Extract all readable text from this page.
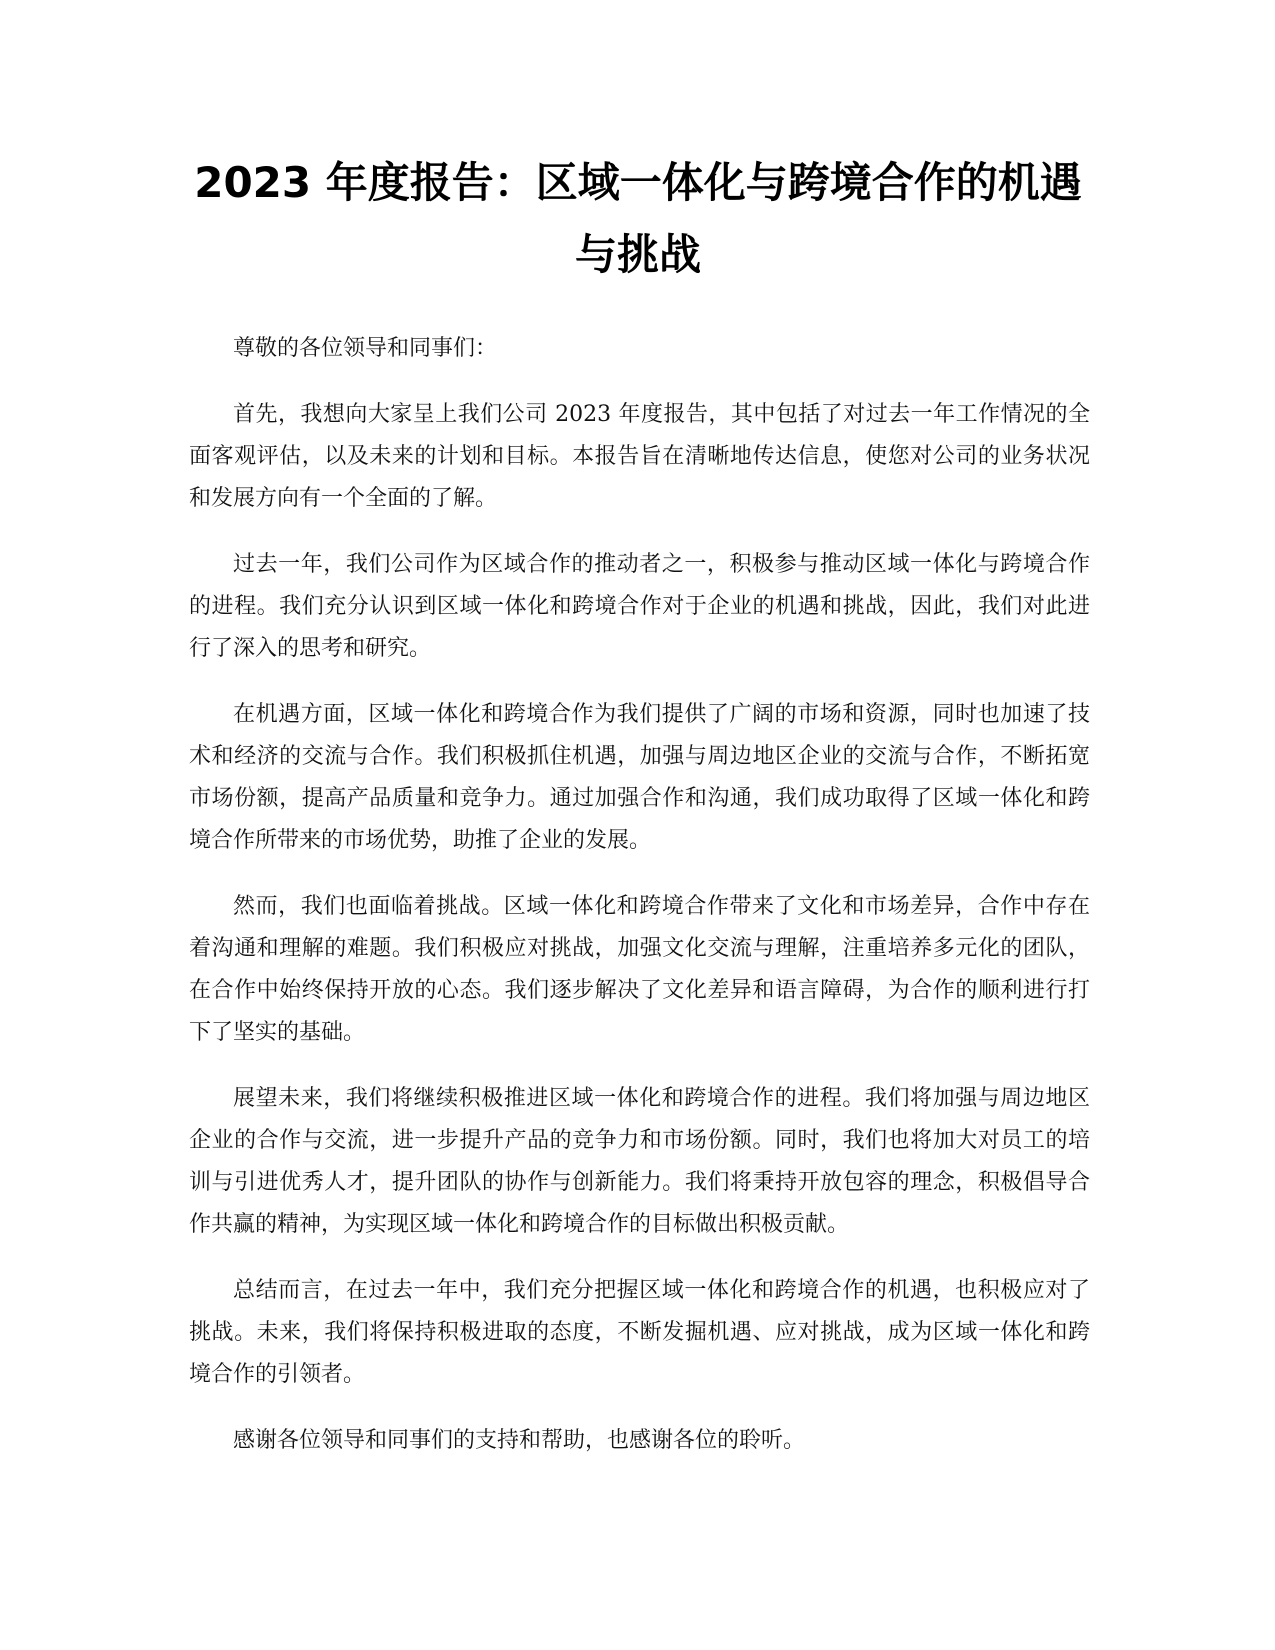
2023 年度报告：区域一体化与跨境合作的机遇与挑战

尊敬的各位领导和同事们：

首先，我想向大家呈上我们公司 2023 年度报告，其中包括了对过去一年工作情况的全面客观评估，以及未来的计划和目标。本报告旨在清晰地传达信息，使您对公司的业务状况和发展方向有一个全面的了解。

过去一年，我们公司作为区域合作的推动者之一，积极参与推动区域一体化与跨境合作的进程。我们充分认识到区域一体化和跨境合作对于企业的机遇和挑战，因此，我们对此进行了深入的思考和研究。

在机遇方面，区域一体化和跨境合作为我们提供了广阔的市场和资源，同时也加速了技术和经济的交流与合作。我们积极抓住机遇，加强与周边地区企业的交流与合作，不断拓宽市场份额，提高产品质量和竞争力。通过加强合作和沟通，我们成功取得了区域一体化和跨境合作所带来的市场优势，助推了企业的发展。

然而，我们也面临着挑战。区域一体化和跨境合作带来了文化和市场差异，合作中存在着沟通和理解的难题。我们积极应对挑战，加强文化交流与理解，注重培养多元化的团队，在合作中始终保持开放的心态。我们逐步解决了文化差异和语言障碍，为合作的顺利进行打下了坚实的基础。

展望未来，我们将继续积极推进区域一体化和跨境合作的进程。我们将加强与周边地区企业的合作与交流，进一步提升产品的竞争力和市场份额。同时，我们也将加大对员工的培训与引进优秀人才，提升团队的协作与创新能力。我们将秉持开放包容的理念，积极倡导合作共赢的精神，为实现区域一体化和跨境合作的目标做出积极贡献。

总结而言，在过去一年中，我们充分把握区域一体化和跨境合作的机遇，也积极应对了挑战。未来，我们将保持积极进取的态度，不断发掘机遇、应对挑战，成为区域一体化和跨境合作的引领者。

感谢各位领导和同事们的支持和帮助，也感谢各位的聆听。
